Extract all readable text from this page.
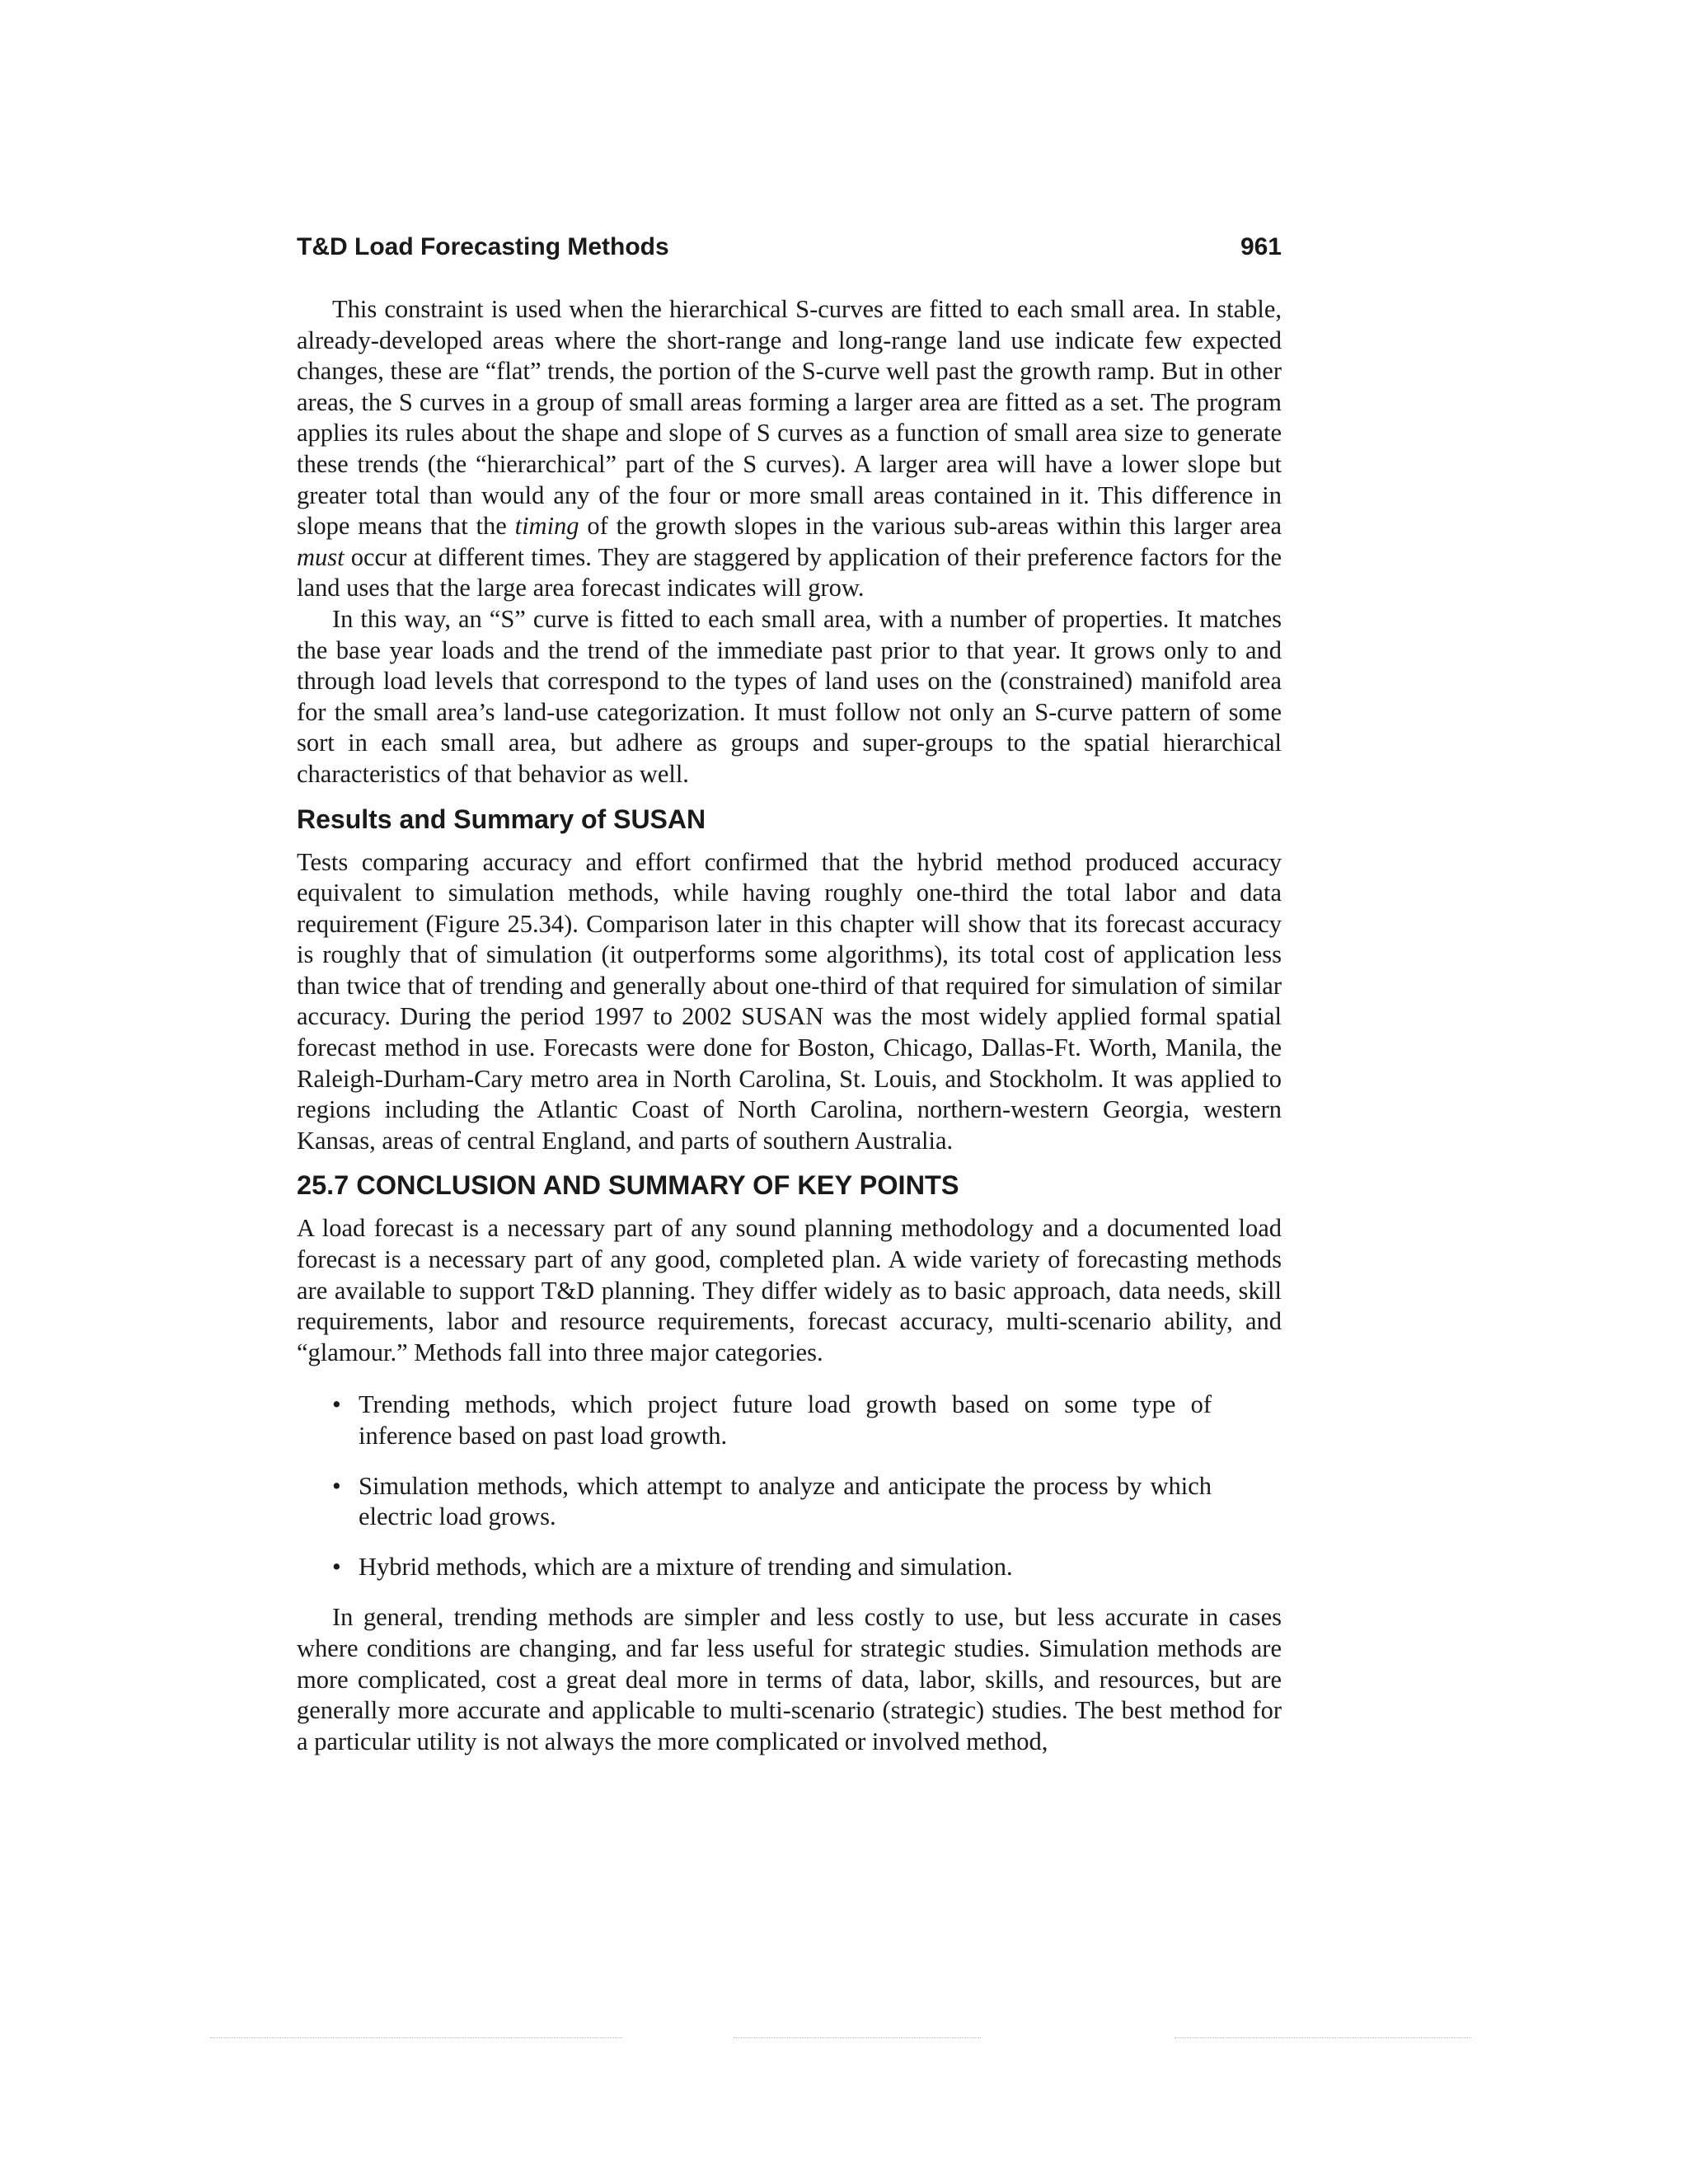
T&D Load Forecasting Methods	961

This constraint is used when the hierarchical S-curves are fitted to each small area. In stable, already-developed areas where the short-range and long-range land use indicate few expected changes, these are “flat” trends, the portion of the S-curve well past the growth ramp. But in other areas, the S curves in a group of small areas forming a larger area are fitted as a set. The program applies its rules about the shape and slope of S curves as a function of small area size to generate these trends (the “hierarchical” part of the S curves). A larger area will have a lower slope but greater total than would any of the four or more small areas contained in it. This difference in slope means that the timing of the growth slopes in the various sub-areas within this larger area must occur at different times. They are staggered by application of their preference factors for the land uses that the large area forecast indicates will grow.

In this way, an “S” curve is fitted to each small area, with a number of properties. It matches the base year loads and the trend of the immediate past prior to that year. It grows only to and through load levels that correspond to the types of land uses on the (constrained) manifold area for the small area’s land-use categorization. It must follow not only an S-curve pattern of some sort in each small area, but adhere as groups and super-groups to the spatial hierarchical characteristics of that behavior as well.

Results and Summary of SUSAN

Tests comparing accuracy and effort confirmed that the hybrid method produced accuracy equivalent to simulation methods, while having roughly one-third the total labor and data requirement (Figure 25.34). Comparison later in this chapter will show that its forecast accuracy is roughly that of simulation (it outperforms some algorithms), its total cost of application less than twice that of trending and generally about one-third of that required for simulation of similar accuracy. During the period 1997 to 2002 SUSAN was the most widely applied formal spatial forecast method in use. Forecasts were done for Boston, Chicago, Dallas-Ft. Worth, Manila, the Raleigh-Durham-Cary metro area in North Carolina, St. Louis, and Stockholm. It was applied to regions including the Atlantic Coast of North Carolina, northern-western Georgia, western Kansas, areas of central England, and parts of southern Australia.

25.7 CONCLUSION AND SUMMARY OF KEY POINTS

A load forecast is a necessary part of any sound planning methodology and a documented load forecast is a necessary part of any good, completed plan. A wide variety of forecasting methods are available to support T&D planning. They differ widely as to basic approach, data needs, skill requirements, labor and resource requirements, forecast accuracy, multi-scenario ability, and “glamour.” Methods fall into three major categories.

• Trending methods, which project future load growth based on some type of inference based on past load growth.
• Simulation methods, which attempt to analyze and anticipate the process by which electric load grows.
• Hybrid methods, which are a mixture of trending and simulation.

In general, trending methods are simpler and less costly to use, but less accurate in cases where conditions are changing, and far less useful for strategic studies. Simulation methods are more complicated, cost a great deal more in terms of data, labor, skills, and resources, but are generally more accurate and applicable to multi-scenario (strategic) studies. The best method for a particular utility is not always the more complicated or involved method,
